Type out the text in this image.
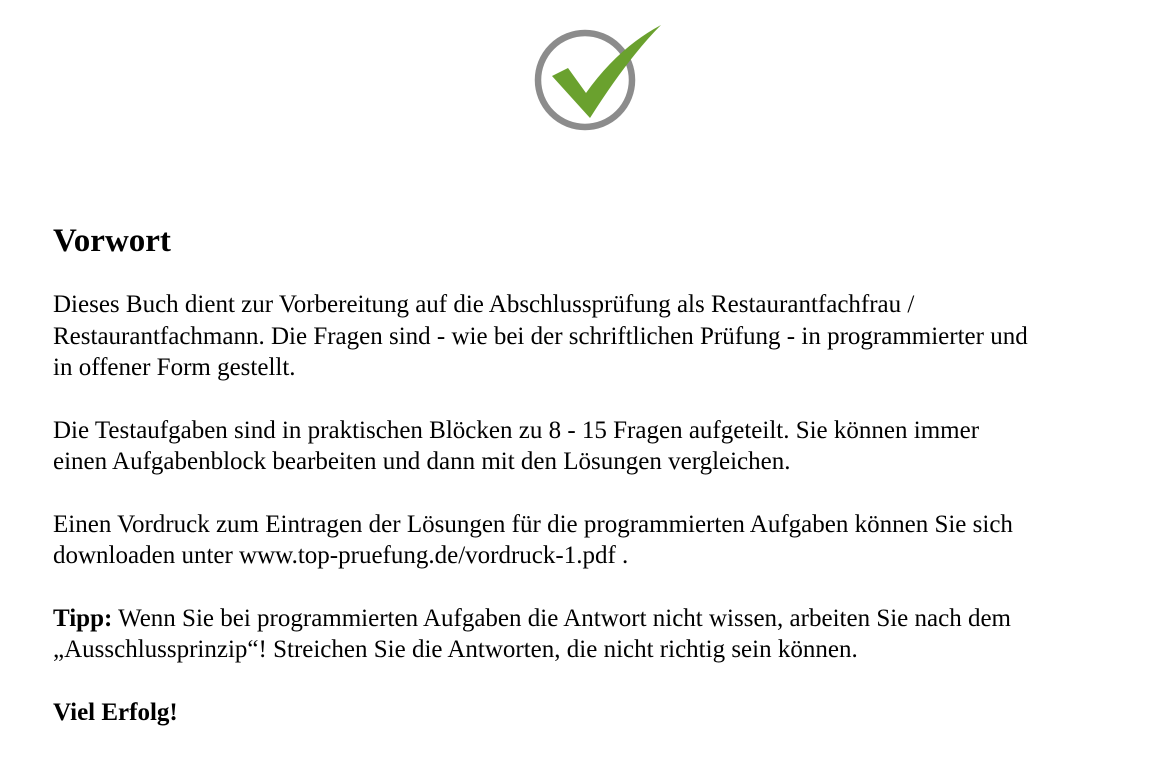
Vorwort

Dieses Buch dient zur Vorbereitung auf die Abschlussprüfung als Restaurantfachfrau /
Restaurantfachmann. Die Fragen sind - wie bei der schriftlichen Prüfung - in programmierter und
in offener Form gestellt.

Die Testaufgaben sind in praktischen Blöcken zu 8 - 15 Fragen aufgeteilt. Sie können immer
einen Aufgabenblock bearbeiten und dann mit den Lösungen vergleichen.

Einen Vordruck zum Eintragen der Lösungen für die programmierten Aufgaben können Sie sich
downloaden unter www.top-pruefung.de/vordruck-1.pdf .

Tipp: Wenn Sie bei programmierten Aufgaben die Antwort nicht wissen, arbeiten Sie nach dem
„Ausschlussprinzip“! Streichen Sie die Antworten, die nicht richtig sein können.

Viel Erfolg!
